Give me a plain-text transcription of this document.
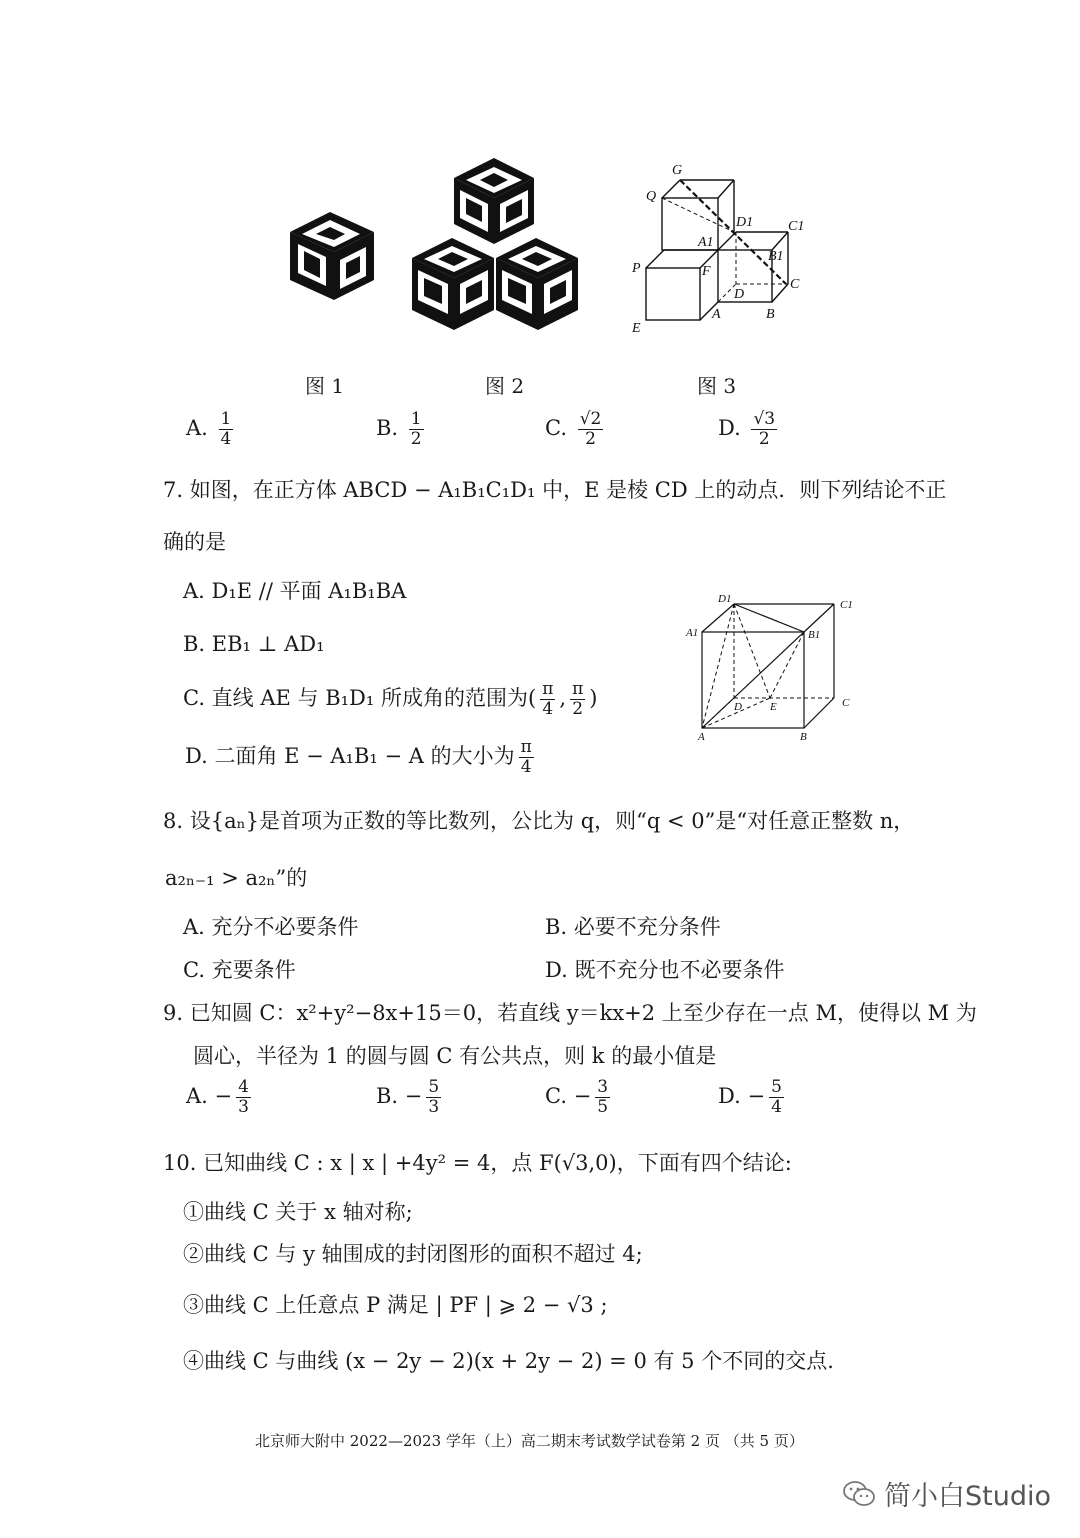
图 1	图 2
G
Q
D1 C1
A1
B1
P	F
D
C
E
A	B
图 3
A. $\frac{1}{4}$	B. $\frac{1}{2}$	C. $\frac{√2}{2}$	D. $\frac{√3}{2}$
7. 如图，在正方体 ABCD − A₁B₁C₁D₁ 中，E 是棱 CD 上的动点．则下列结论不正
确的是
A. D₁E // 平面 A₁B₁BA
B. EB₁ ⊥ AD₁
C. 直线 AE 与 B₁D₁ 所成角的范围为( $\frac{\pi}{4}$ , $\frac{\pi}{2}$ )
D. 二面角 E − A₁B₁ − A 的大小为 $\frac{\pi}{4}$
D1	C1
A1	B1
D	E	C
A	B
8. 设{aₙ}是首项为正数的等比数列，公比为 q，则“q < 0”是“对任意正整数 n，
a₂ₙ₋₁ > a₂ₙ”的
A. 充分不必要条件	B. 必要不充分条件
C. 充要条件	D. 既不充分也不必要条件
9. 已知圆 C：x²+y²−8x+15＝0，若直线 y＝kx+2 上至少存在一点 M，使得以 M 为
圆心，半径为 1 的圆与圆 C 有公共点，则 k 的最小值是
A. − $\frac{4}{3}$	B. − $\frac{5}{3}$	C. − $\frac{3}{5}$	D. − $\frac{5}{4}$
10. 已知曲线 C : x | x | +4y² = 4，点 F(√3,0)，下面有四个结论:
①曲线 C 关于 x 轴对称;
②曲线 C 与 y 轴围成的封闭图形的面积不超过 4;
③曲线 C 上任意点 P 满足 | PF | ⩾ 2 − √3 ;
④曲线 C 与曲线 (x − 2y − 2)(x + 2y − 2) = 0 有 5 个不同的交点.
北京师大附中 2022—2023 学年（上）高二期末考试数学试卷第 2 页 （共 5 页）
简小白Studio
